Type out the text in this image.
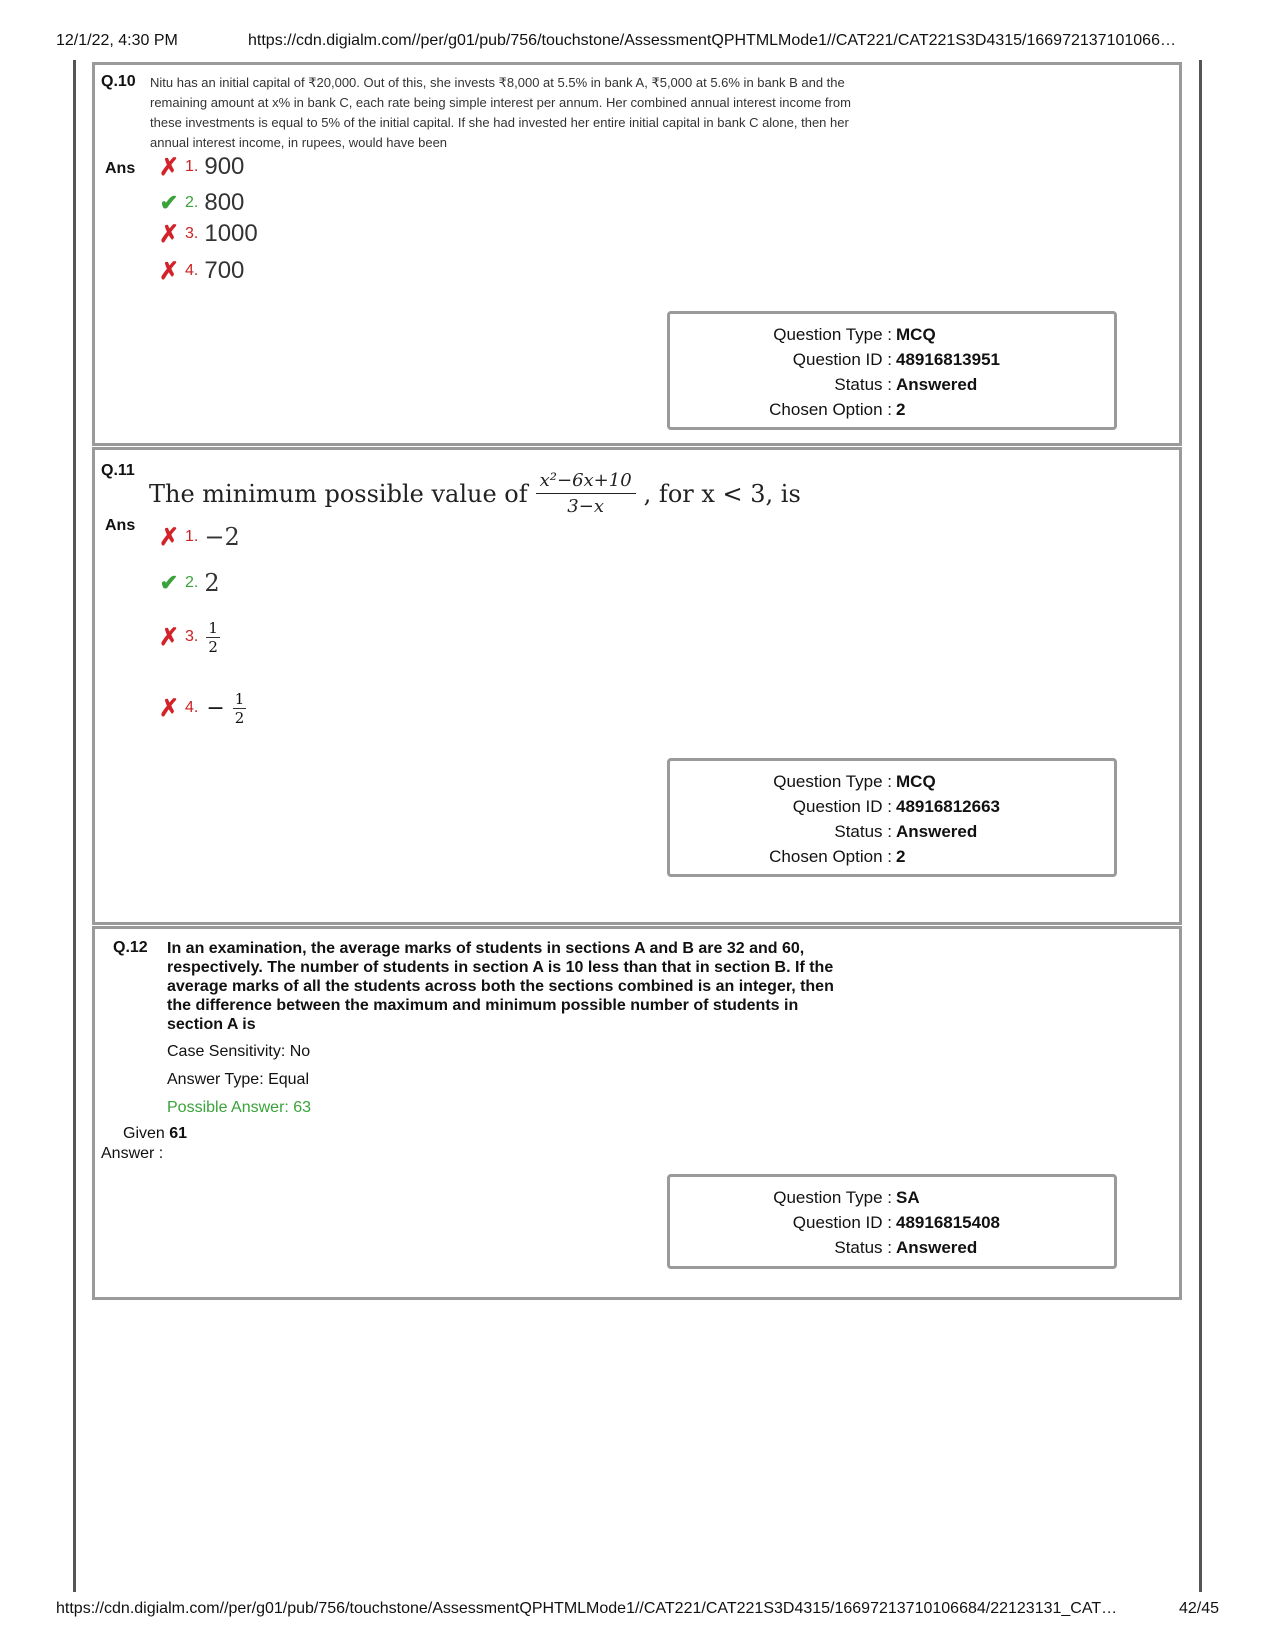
12/1/22, 4:30 PM	https://cdn.digialm.com//per/g01/pub/756/touchstone/AssessmentQPHTMLMode1//CAT221/CAT221S3D4315/166972137101066…
Q.10 Nitu has an initial capital of ₹20,000. Out of this, she invests ₹8,000 at 5.5% in bank A, ₹5,000 at 5.6% in bank B and the remaining amount at x% in bank C, each rate being simple interest per annum. Her combined annual interest income from these investments is equal to 5% of the initial capital. If she had invested her entire initial capital in bank C alone, then her annual interest income, in rupees, would have been

Ans ✗ 1. 900
✔ 2. 800
✗ 3. 1000
✗ 4. 700
Question Type : MCQ
Question ID : 48916813951
Status : Answered
Chosen Option : 2
Q.11
The minimum possible value of $\frac{\text{x²−6x+10}}{3-x}$ , for x < 3, is
Ans ✗ 1. −2
✔ 2. 2
✗ 3. $\frac{1}{2}$
✗ 4. − $\frac{1}{2}$
Question Type : MCQ
Question ID : 48916812663
Status : Answered
Chosen Option : 2
Q.12 In an examination, the average marks of students in sections A and B are 32 and 60, respectively. The number of students in section A is 10 less than that in section B. If the average marks of all the students across both the sections combined is an integer, then the difference between the maximum and minimum possible number of students in section A is

Case Sensitivity: No
Answer Type: Equal
Possible Answer: 63
Given 61
Answer :
Question Type : SA
Question ID : 48916815408
Status : Answered
https://cdn.digialm.com//per/g01/pub/756/touchstone/AssessmentQPHTMLMode1//CAT221/CAT221S3D4315/16697213710106684/22123131_CAT…	42/45
